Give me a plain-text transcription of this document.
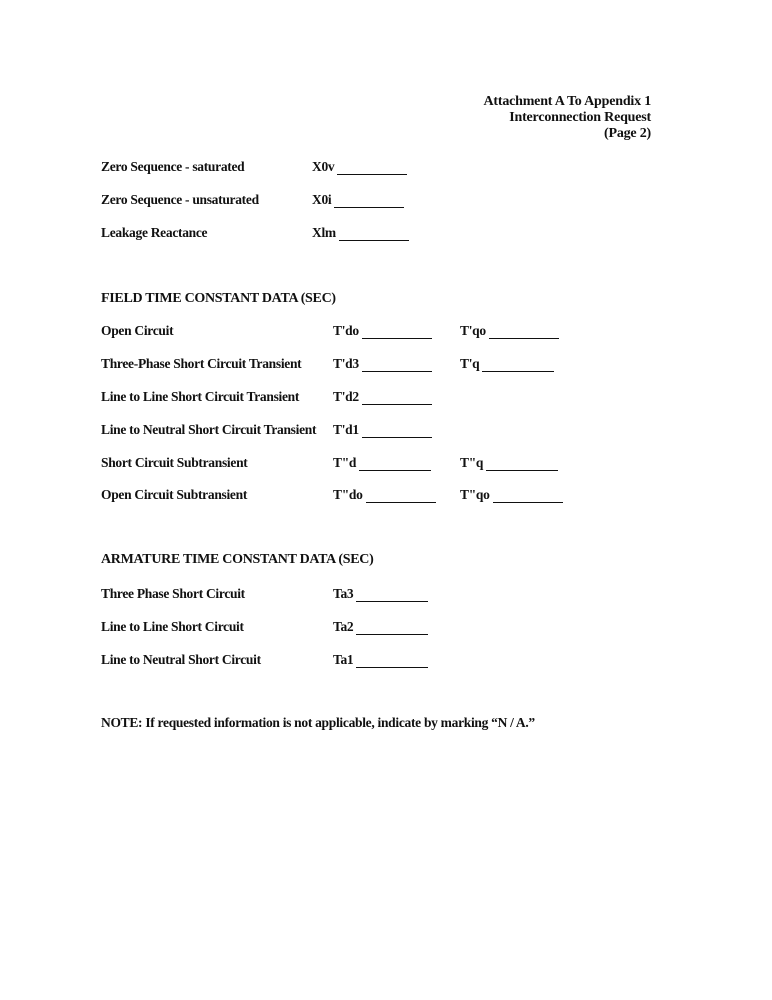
Attachment A To Appendix 1
Interconnection Request
(Page 2)
Zero Sequence - saturated	X0v
Zero Sequence - unsaturated	X0i
Leakage Reactance	Xlm
FIELD TIME CONSTANT DATA (SEC)
Open Circuit	T'do	T'qo
Three-Phase Short Circuit Transient T'd3	T'q
Line to Line Short Circuit Transient	T'd2
Line to Neutral Short Circuit Transient T'd1
Short Circuit Subtransient	T"d	T"q
Open Circuit Subtransient	T"do	T"qo
ARMATURE TIME CONSTANT DATA (SEC)
Three Phase Short Circuit	Ta3
Line to Line Short Circuit	Ta2
Line to Neutral Short Circuit	Ta1
NOTE: If requested information is not applicable, indicate by marking “N / A.”
